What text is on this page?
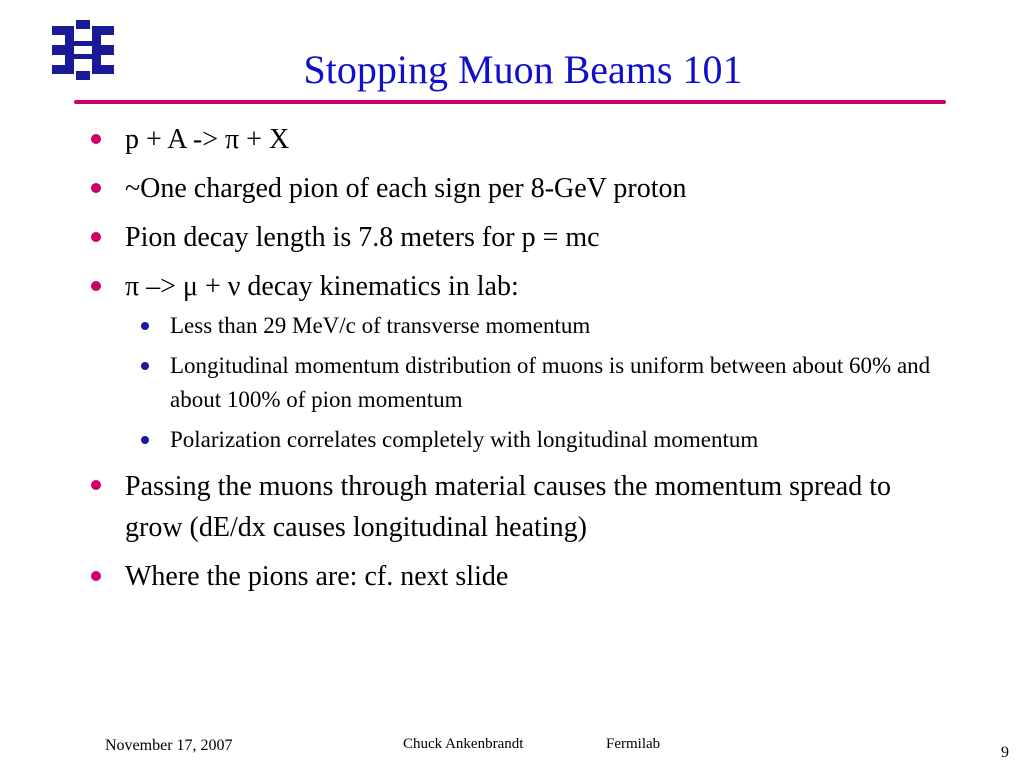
Stopping Muon Beams 101
p + A -> π + X
~One charged pion of each sign per 8-GeV proton
Pion decay length is 7.8 meters for p = mc
π –> μ + ν decay kinematics in lab:
Less than 29 MeV/c of transverse momentum
Longitudinal momentum distribution of muons is uniform between about 60% and about 100% of pion momentum
Polarization correlates completely with longitudinal momentum
Passing the muons through material causes the momentum spread to grow (dE/dx causes longitudinal heating)
Where the pions are: cf. next slide
November 17, 2007	Chuck Ankenbrandt	Fermilab	9
